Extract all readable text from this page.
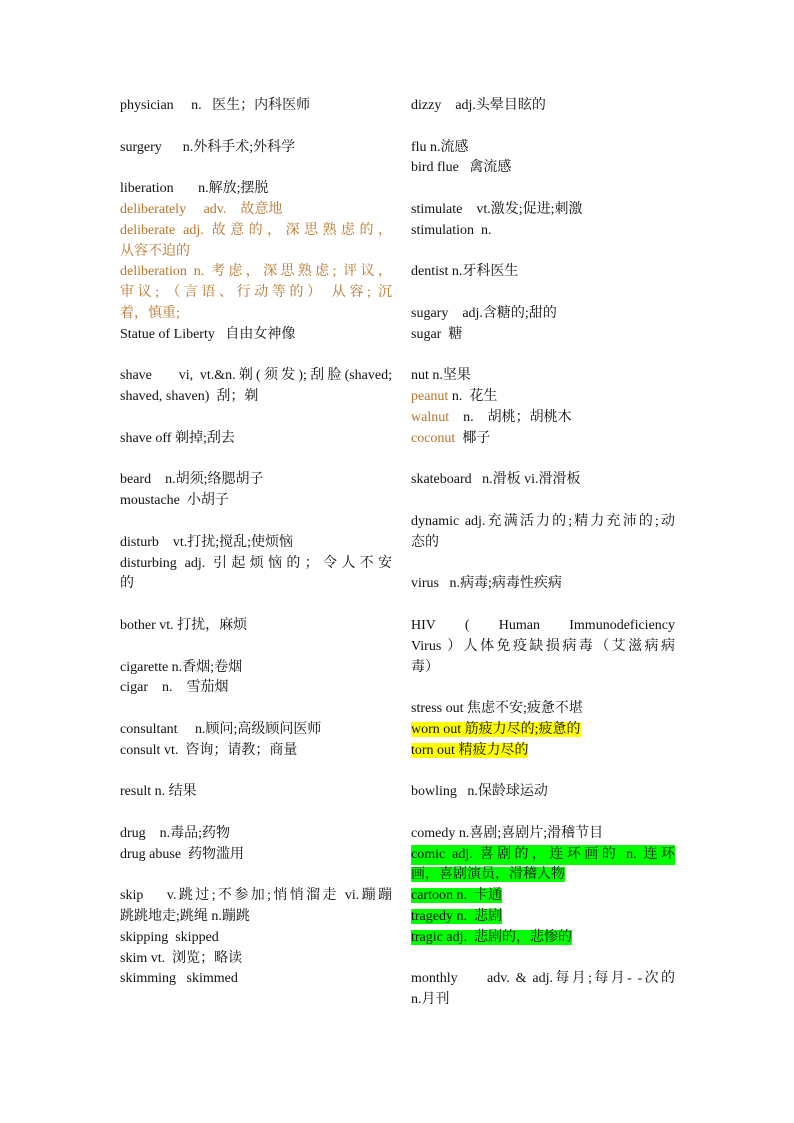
physician     n.   医生；内科医师
surgery      n.外科手术;外科学
liberation       n.解放;摆脱
deliberately     adv.    故意地
deliberate adj. 故意的，深思熟虑的，
从容不迫的
deliberation n. 考虑，深思熟虑; 评议，
审议; （言语、行动等的） 从容; 沉
着，慎重;
Statue of Liberty   自由女神像
shave    vi, vt.&n.剃(须发);刮脸(shaved;
shaved, shaven)  刮；剃
shave off 剃掉;刮去
beard    n.胡须;络腮胡子
moustache  小胡子
disturb    vt.打扰;搅乱;使烦恼
disturbing adj. 引起烦恼的；令人不安
的
bother vt. 打扰，麻烦
cigarette n.香烟;卷烟
cigar    n.    雪茄烟
consultant     n.顾问;高级顾问医师
consult vt.  咨询；请教；商量
result n. 结果
drug    n.毒品;药物
drug abuse  药物滥用
skip    v.跳过;不参加;悄悄溜走 vi.蹦蹦
跳跳地走;跳绳 n.蹦跳
skipping  skipped
skim vt.  浏览；略读
skimming   skimmed
dizzy    adj.头晕目眩的
flu n.流感
bird flue   禽流感
stimulate    vt.激发;促进;刺激
stimulation  n.
dentist n.牙科医生
sugary    adj.含糖的;甜的
sugar  糖
nut n.坚果
peanut n.  花生
walnut    n.    胡桃；胡桃木
coconut  椰子
skateboard   n.滑板 vi.滑滑板
dynamic adj.充满活力的;精力充沛的;动
态的
virus   n.病毒;病毒性疾病
HIV ( Human Immunodeficiency
Virus ）人体免疫缺损病毒（艾滋病病
毒）
stress out 焦虑不安;疲惫不堪
worn out 筋疲力尽的;疲惫的
torn out 精疲力尽的
bowling   n.保龄球运动
comedy n.喜剧;喜剧片;滑稽节目
comic adj. 喜剧的，连环画的 n. 连环
画，喜剧演员，滑稽人物
cartoon n.  卡通
tragedy n.  悲剧
tragic adj.  悲剧的，悲惨的
monthly     adv. & adj.每月;每月- -次的
n.月刊
